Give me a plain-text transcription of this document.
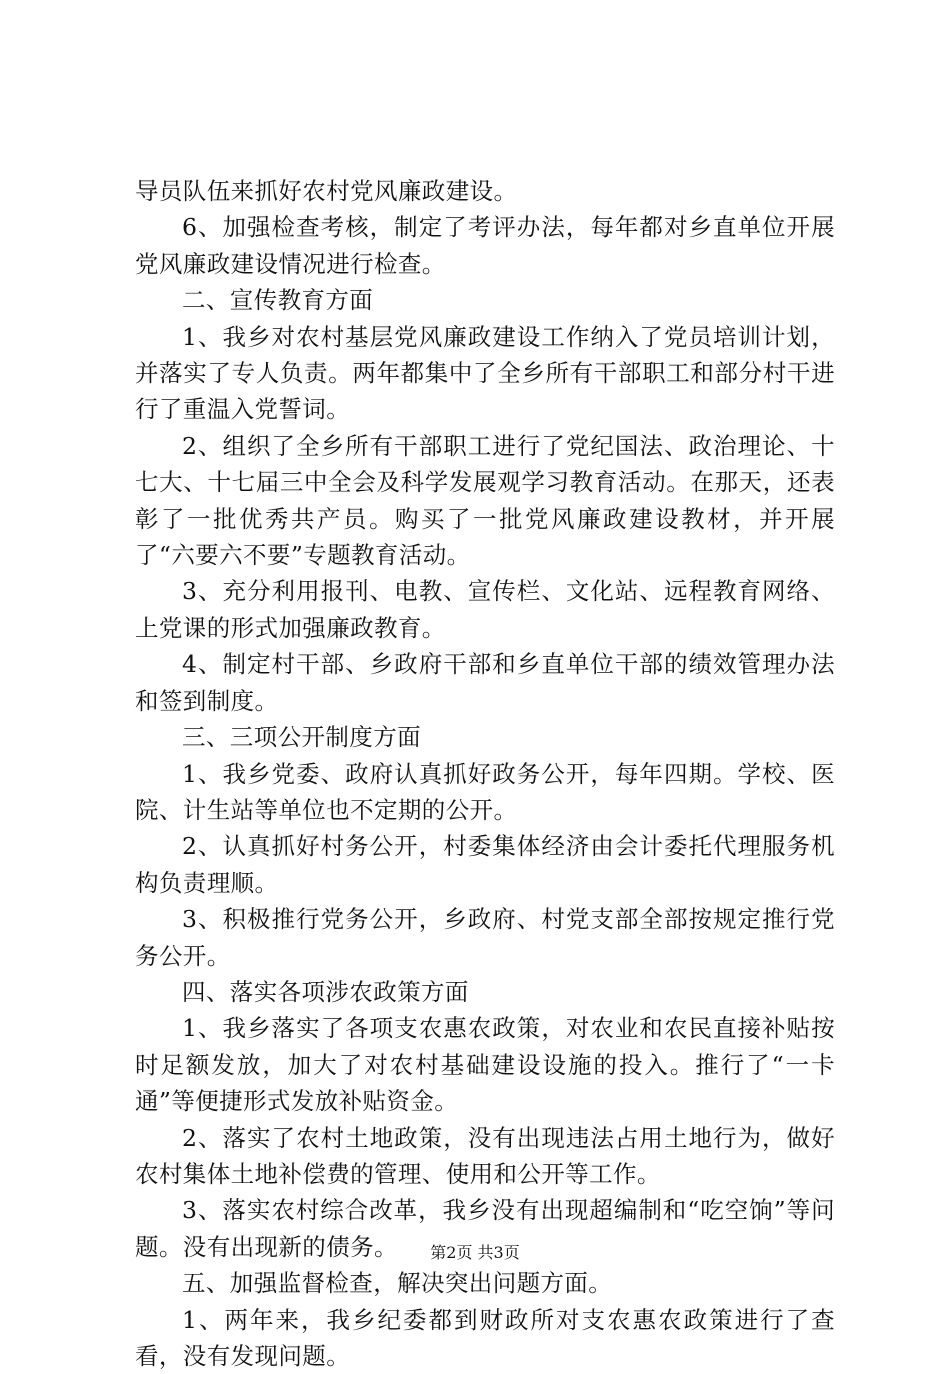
导员队伍来抓好农村党风廉政建设。

6、加强检查考核，制定了考评办法，每年都对乡直单位开展党风廉政建设情况进行检查。

二、宣传教育方面

1、我乡对农村基层党风廉政建设工作纳入了党员培训计划，并落实了专人负责。两年都集中了全乡所有干部职工和部分村干进行了重温入党誓词。

2、组织了全乡所有干部职工进行了党纪国法、政治理论、十七大、十七届三中全会及科学发展观学习教育活动。在那天，还表彰了一批优秀共产员。购买了一批党风廉政建设教材，并开展了“六要六不要”专题教育活动。

3、充分利用报刊、电教、宣传栏、文化站、远程教育网络、上党课的形式加强廉政教育。

4、制定村干部、乡政府干部和乡直单位干部的绩效管理办法和签到制度。

三、三项公开制度方面

1、我乡党委、政府认真抓好政务公开，每年四期。学校、医院、计生站等单位也不定期的公开。

2、认真抓好村务公开，村委集体经济由会计委托代理服务机构负责理顺。

3、积极推行党务公开，乡政府、村党支部全部按规定推行党务公开。

四、落实各项涉农政策方面

1、我乡落实了各项支农惠农政策，对农业和农民直接补贴按时足额发放，加大了对农村基础建设设施的投入。推行了“一卡通”等便捷形式发放补贴资金。

2、落实了农村土地政策，没有出现违法占用土地行为，做好农村集体土地补偿费的管理、使用和公开等工作。

3、落实农村综合改革，我乡没有出现超编制和“吃空饷”等问题。没有出现新的债务。

五、加强监督检查，解决突出问题方面。

1、两年来，我乡纪委都到财政所对支农惠农政策进行了查看，没有发现问题。

第2页 共3页
